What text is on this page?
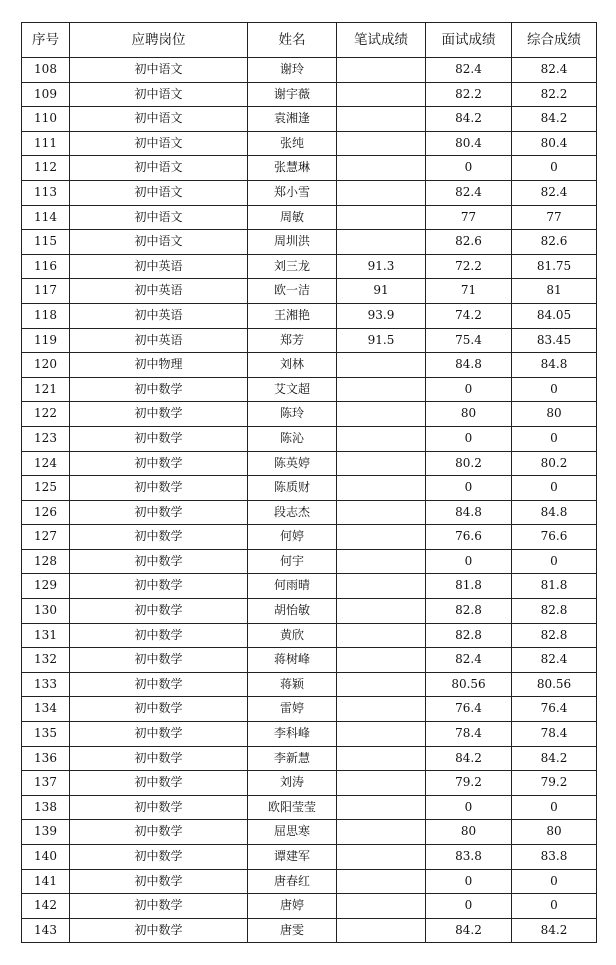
序号	应聘岗位	姓名	笔试成绩	面试成绩	综合成绩
108	初中语文	谢玲		82.4	82.4
109	初中语文	谢宇薇		82.2	82.2
110	初中语文	袁湘逢		84.2	84.2
111	初中语文	张纯		80.4	80.4
112	初中语文	张慧琳		0	0
113	初中语文	郑小雪		82.4	82.4
114	初中语文	周敏		77	77
115	初中语文	周圳洪		82.6	82.6
116	初中英语	刘三龙	91.3	72.2	81.75
117	初中英语	欧一洁	91	71	81
118	初中英语	王湘艳	93.9	74.2	84.05
119	初中英语	郑芳	91.5	75.4	83.45
120	初中物理	刘林		84.8	84.8
121	初中数学	艾文超		0	0
122	初中数学	陈玲		80	80
123	初中数学	陈沁		0	0
124	初中数学	陈英婷		80.2	80.2
125	初中数学	陈质财		0	0
126	初中数学	段志杰		84.8	84.8
127	初中数学	何婷		76.6	76.6
128	初中数学	何宇		0	0
129	初中数学	何雨晴		81.8	81.8
130	初中数学	胡怡敏		82.8	82.8
131	初中数学	黄欣		82.8	82.8
132	初中数学	蒋树峰		82.4	82.4
133	初中数学	蒋颖		80.56	80.56
134	初中数学	雷婷		76.4	76.4
135	初中数学	李科峰		78.4	78.4
136	初中数学	李新慧		84.2	84.2
137	初中数学	刘涛		79.2	79.2
138	初中数学	欧阳莹莹		0	0
139	初中数学	屈思寒		80	80
140	初中数学	谭建军		83.8	83.8
141	初中数学	唐春红		0	0
142	初中数学	唐婷		0	0
143	初中数学	唐雯		84.2	84.2
